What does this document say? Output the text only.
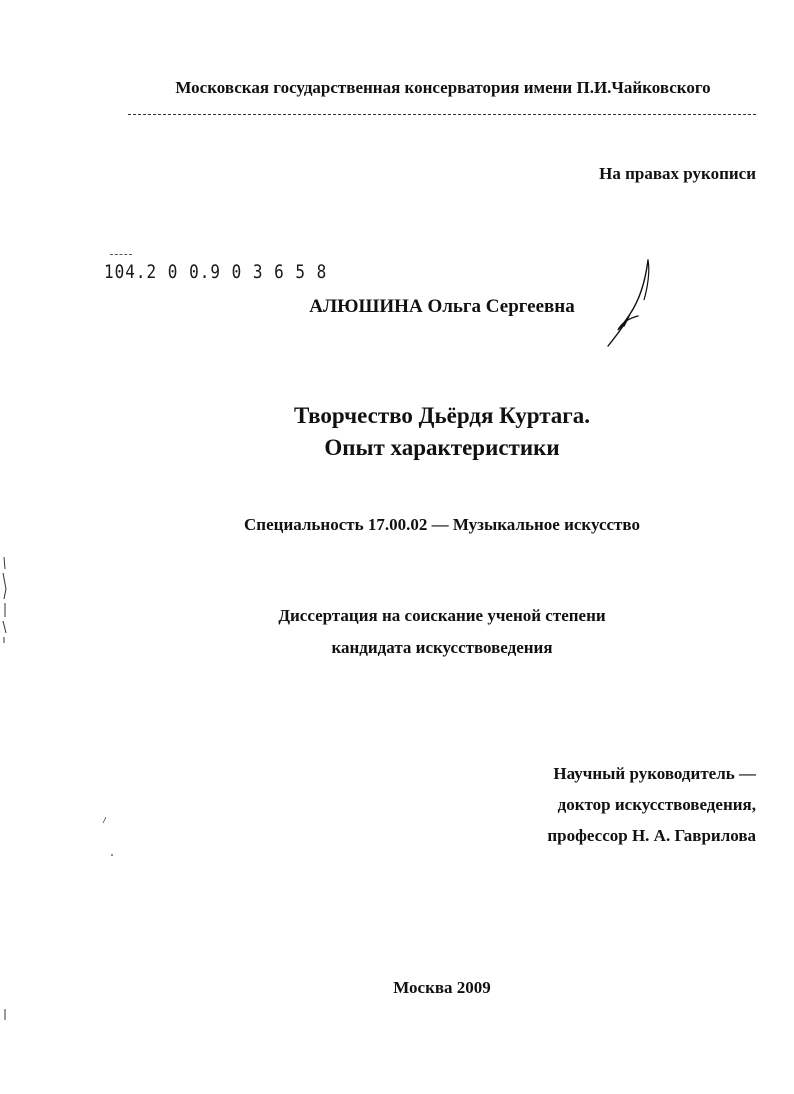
Московская государственная консерватория имени П.И.Чайковского
На правах рукописи
104.2 0 0.9 0 3 6 5 8
АЛЮШИНА Ольга Сергеевна
Творчество Дьёрдя Куртага.
Опыт характеристики
Специальность 17.00.02 — Музыкальное искусство
Диссертация на соискание ученой степени
кандидата искусствоведения
Научный руководитель —
доктор искусствоведения,
профессор Н. А. Гаврилова
Москва 2009
